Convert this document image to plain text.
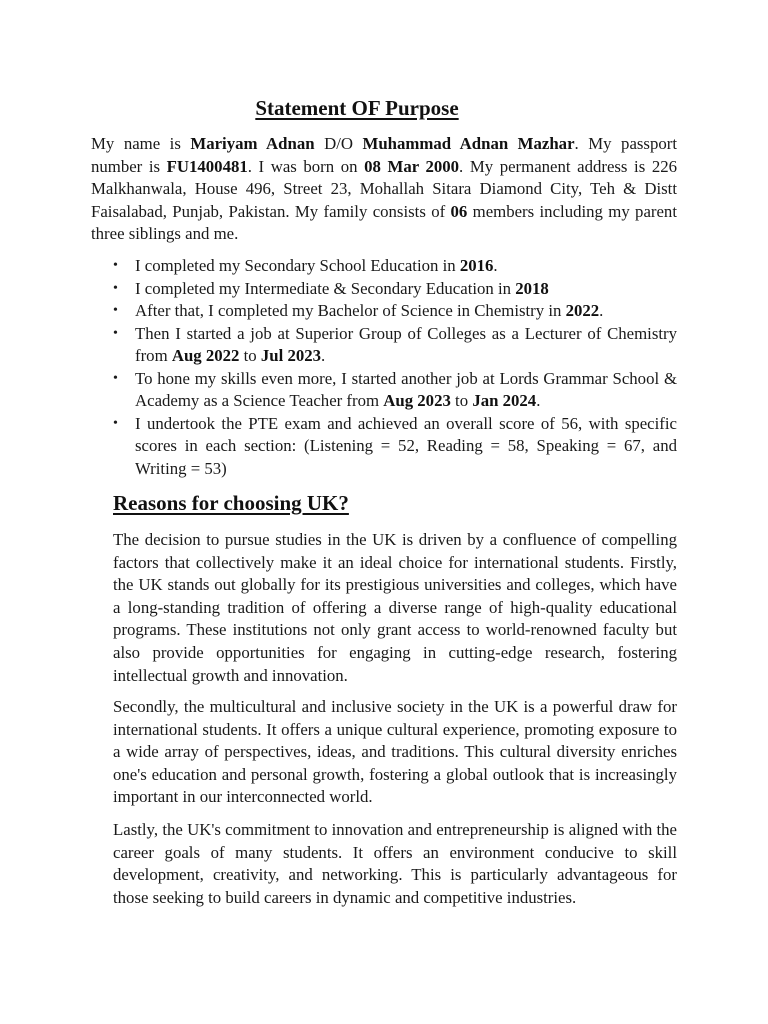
Statement OF Purpose

My name is Mariyam Adnan D/O Muhammad Adnan Mazhar. My passport number is FU1400481. I was born on 08 Mar 2000. My permanent address is 226 Malkhanwala, House 496, Street 23, Mohallah Sitara Diamond City, Teh & Distt Faisalabad, Punjab, Pakistan. My family consists of 06 members including my parent three siblings and me.

• I completed my Secondary School Education in 2016.
• I completed my Intermediate & Secondary Education in 2018
• After that, I completed my Bachelor of Science in Chemistry in 2022.
• Then I started a job at Superior Group of Colleges as a Lecturer of Chemistry from Aug 2022 to Jul 2023.
• To hone my skills even more, I started another job at Lords Grammar School & Academy as a Science Teacher from Aug 2023 to Jan 2024.
• I undertook the PTE exam and achieved an overall score of 56, with specific scores in each section: (Listening = 52, Reading = 58, Speaking = 67, and Writing = 53)
Reasons for choosing UK?

The decision to pursue studies in the UK is driven by a confluence of compelling factors that collectively make it an ideal choice for international students. Firstly, the UK stands out globally for its prestigious universities and colleges, which have a long-standing tradition of offering a diverse range of high-quality educational programs. These institutions not only grant access to world-renowned faculty but also provide opportunities for engaging in cutting-edge research, fostering intellectual growth and innovation.

Secondly, the multicultural and inclusive society in the UK is a powerful draw for international students. It offers a unique cultural experience, promoting exposure to a wide array of perspectives, ideas, and traditions. This cultural diversity enriches one's education and personal growth, fostering a global outlook that is increasingly important in our interconnected world.

Lastly, the UK's commitment to innovation and entrepreneurship is aligned with the career goals of many students. It offers an environment conducive to skill development, creativity, and networking. This is particularly advantageous for those seeking to build careers in dynamic and competitive industries.
